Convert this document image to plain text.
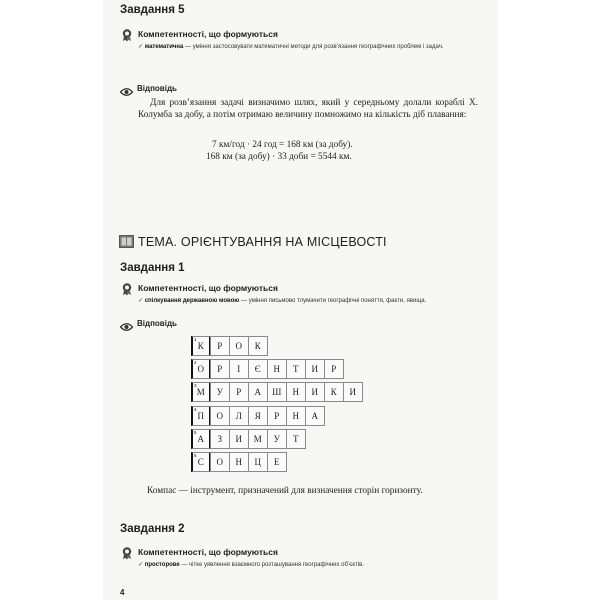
Завдання 5
Компетентності, що формуються
✓ математична — уміння застосовувати математичні методи для розв’язання географічних проблем і задач.
Відповідь
Для розв’язання задачі визначимо шлях, який у середньому долали кораблі Х. Колумба за добу, а потім отримаю величину помножимо на кількість діб плавання:
7 км/год · 24 год = 168 км (за добу).
168 км (за добу) · 33 доби = 5544 км.
ТЕМА. ОРІЄНТУВАННЯ НА МІСЦЕВОСТІ
Завдання 1
Компетентності, що формуються
✓ спілкування державною мовою — уміння письмово тлумачити географічні поняття, факти, явища.
Відповідь
К
1
Р О К
О
2
Р І Є Н Т И Р
М
3
У Р А Ш Н И К И
П
4
О Л Я Р Н А
А
5
З И М У Т
С
6
О Н Ц Е
Компас — інструмент, призначений для визначення сторін горизонту.
Завдання 2
Компетентності, що формуються
✓ просторове — чітке уявлення взаємного розташування географічних об’єктів.
4
